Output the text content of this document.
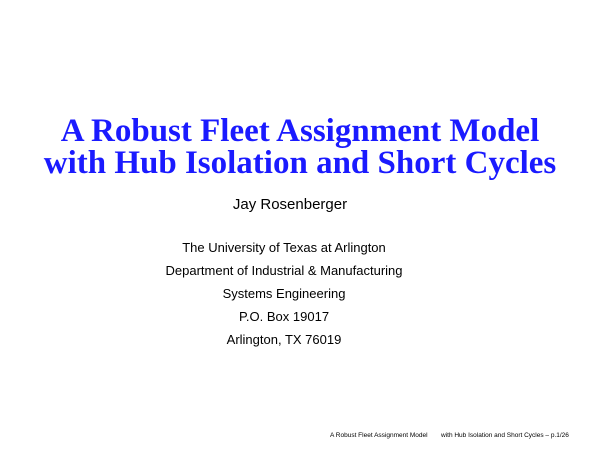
A Robust Fleet Assignment Model
with Hub Isolation and Short Cycles
Jay Rosenberger
The University of Texas at Arlington
Department of Industrial & Manufacturing
Systems Engineering
P.O. Box 19017
Arlington, TX 76019
A Robust Fleet Assignment Model with Hub Isolation and Short Cycles – p.1/26
